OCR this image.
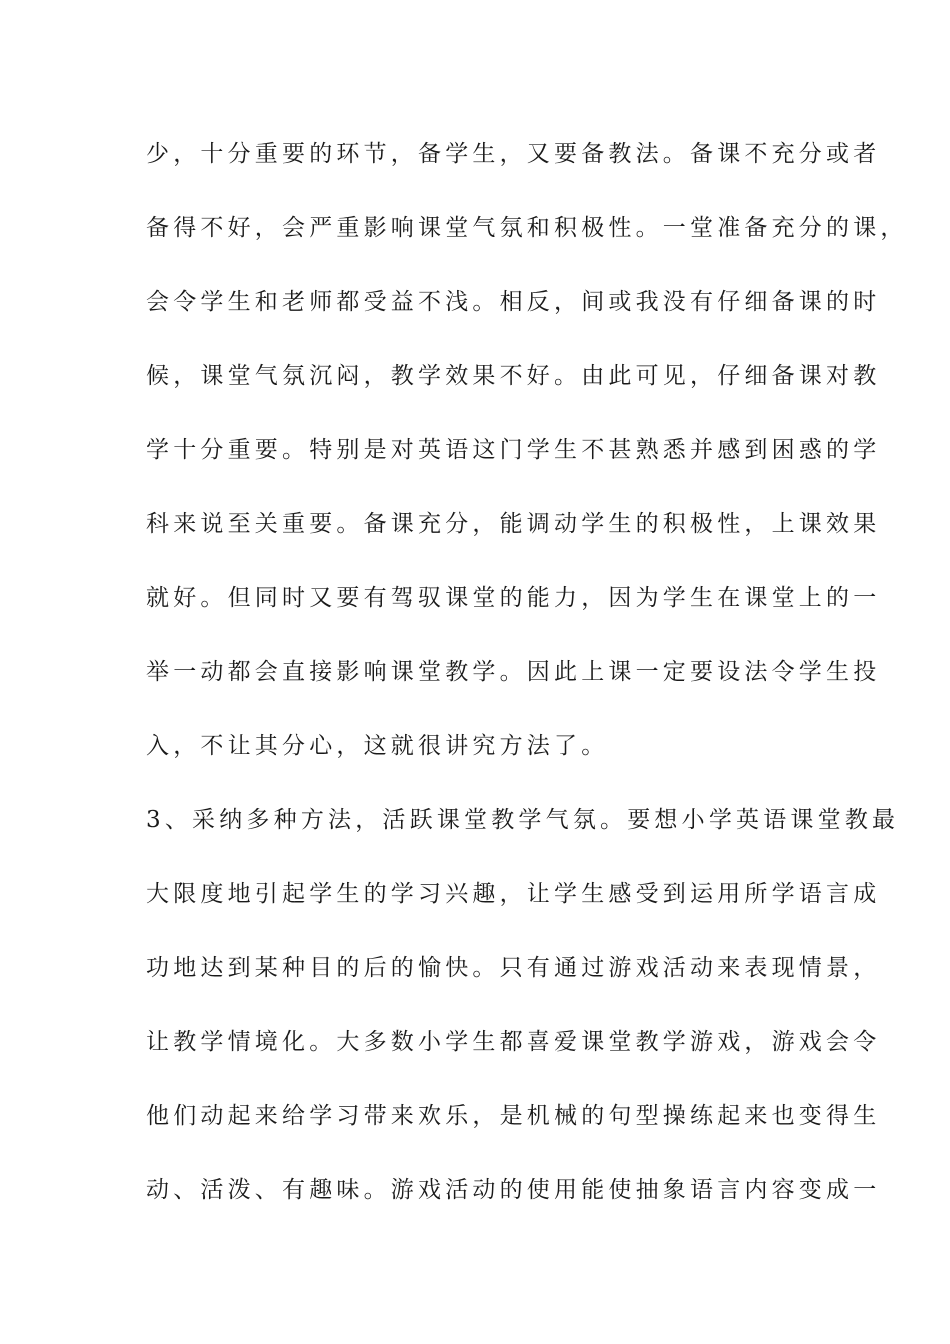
少，十分重要的环节，备学生，又要备教法。备课不充分或者
备得不好，会严重影响课堂气氛和积极性。一堂准备充分的课，
会令学生和老师都受益不浅。相反，间或我没有仔细备课的时
候，课堂气氛沉闷，教学效果不好。由此可见，仔细备课对教
学十分重要。特别是对英语这门学生不甚熟悉并感到困惑的学
科来说至关重要。备课充分，能调动学生的积极性，上课效果
就好。但同时又要有驾驭课堂的能力，因为学生在课堂上的一
举一动都会直接影响课堂教学。因此上课一定要设法令学生投
入，不让其分心，这就很讲究方法了。
3、采纳多种方法，活跃课堂教学气氛。要想小学英语课堂教最
大限度地引起学生的学习兴趣，让学生感受到运用所学语言成
功地达到某种目的后的愉快。只有通过游戏活动来表现情景，
让教学情境化。大多数小学生都喜爱课堂教学游戏，游戏会令
他们动起来给学习带来欢乐，是机械的句型操练起来也变得生
动、活泼、有趣味。游戏活动的使用能使抽象语言内容变成一
